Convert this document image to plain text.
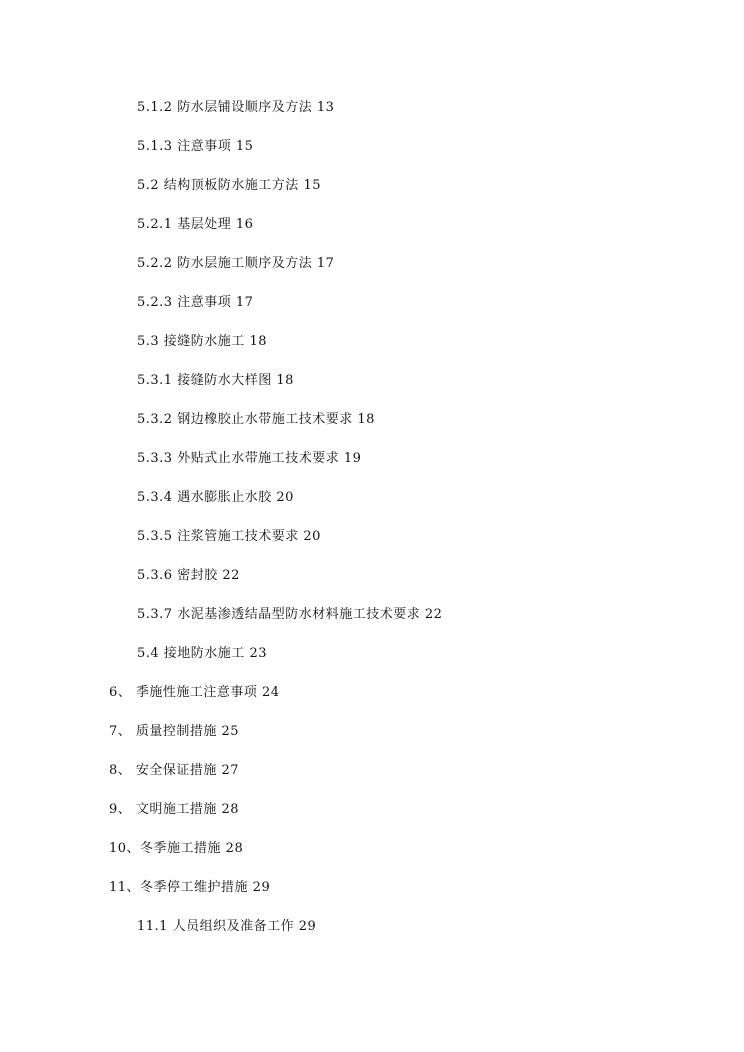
5.1.2 防水层铺设顺序及方法 13
5.1.3 注意事项 15
5.2 结构顶板防水施工方法 15
5.2.1 基层处理 16
5.2.2 防水层施工顺序及方法 17
5.2.3 注意事项 17
5.3 接缝防水施工 18
5.3.1 接缝防水大样图 18
5.3.2 钢边橡胶止水带施工技术要求 18
5.3.3 外贴式止水带施工技术要求 19
5.3.4 遇水膨胀止水胶 20
5.3.5 注浆管施工技术要求 20
5.3.6 密封胶 22
5.3.7 水泥基渗透结晶型防水材料施工技术要求 22
5.4 接地防水施工 23
6、 季施性施工注意事项 24
7、 质量控制措施 25
8、 安全保证措施 27
9、 文明施工措施 28
10、冬季施工措施 28
11、冬季停工维护措施 29
11.1 人员组织及准备工作 29
